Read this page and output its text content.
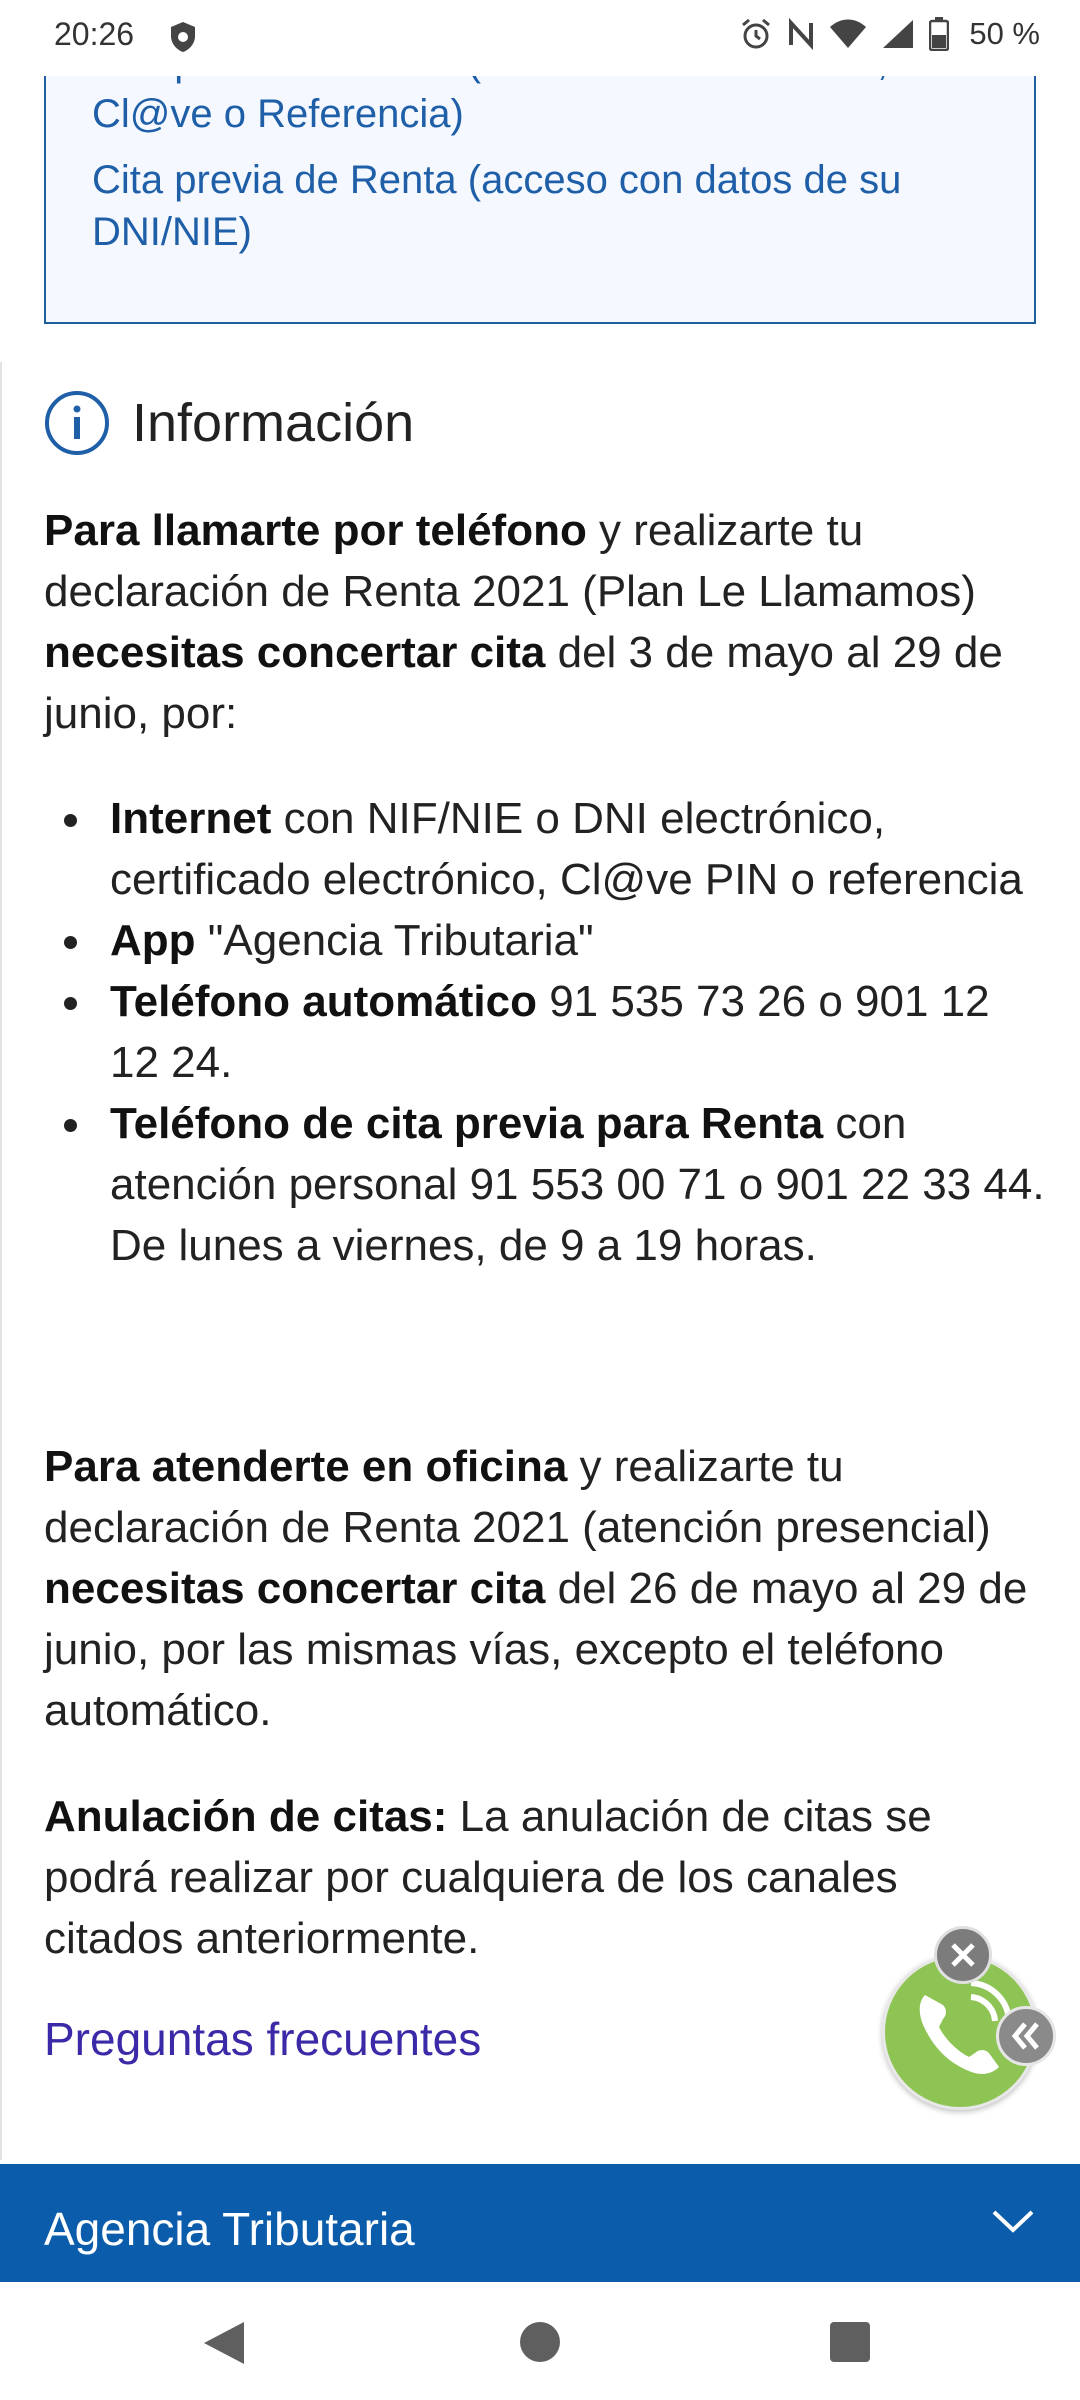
20:26	50 %
Cl@ve o Referencia)
Cita previa de Renta (acceso con datos de su DNI/NIE)
Información
Para llamarte por teléfono y realizarte tu declaración de Renta 2021 (Plan Le Llamamos) necesitas concertar cita del 3 de mayo al 29 de junio, por:
Internet con NIF/NIE o DNI electrónico, certificado electrónico, Cl@ve PIN o referencia
App "Agencia Tributaria"
Teléfono automático 91 535 73 26 o 901 12 12 24.
Teléfono de cita previa para Renta con atención personal 91 553 00 71 o 901 22 33 44. De lunes a viernes, de 9 a 19 horas.
Para atenderte en oficina y realizarte tu declaración de Renta 2021 (atención presencial) necesitas concertar cita del 26 de mayo al 29 de junio, por las mismas vías, excepto el teléfono automático.
Anulación de citas: La anulación de citas se podrá realizar por cualquiera de los canales citados anteriormente.
Preguntas frecuentes
Agencia Tributaria
